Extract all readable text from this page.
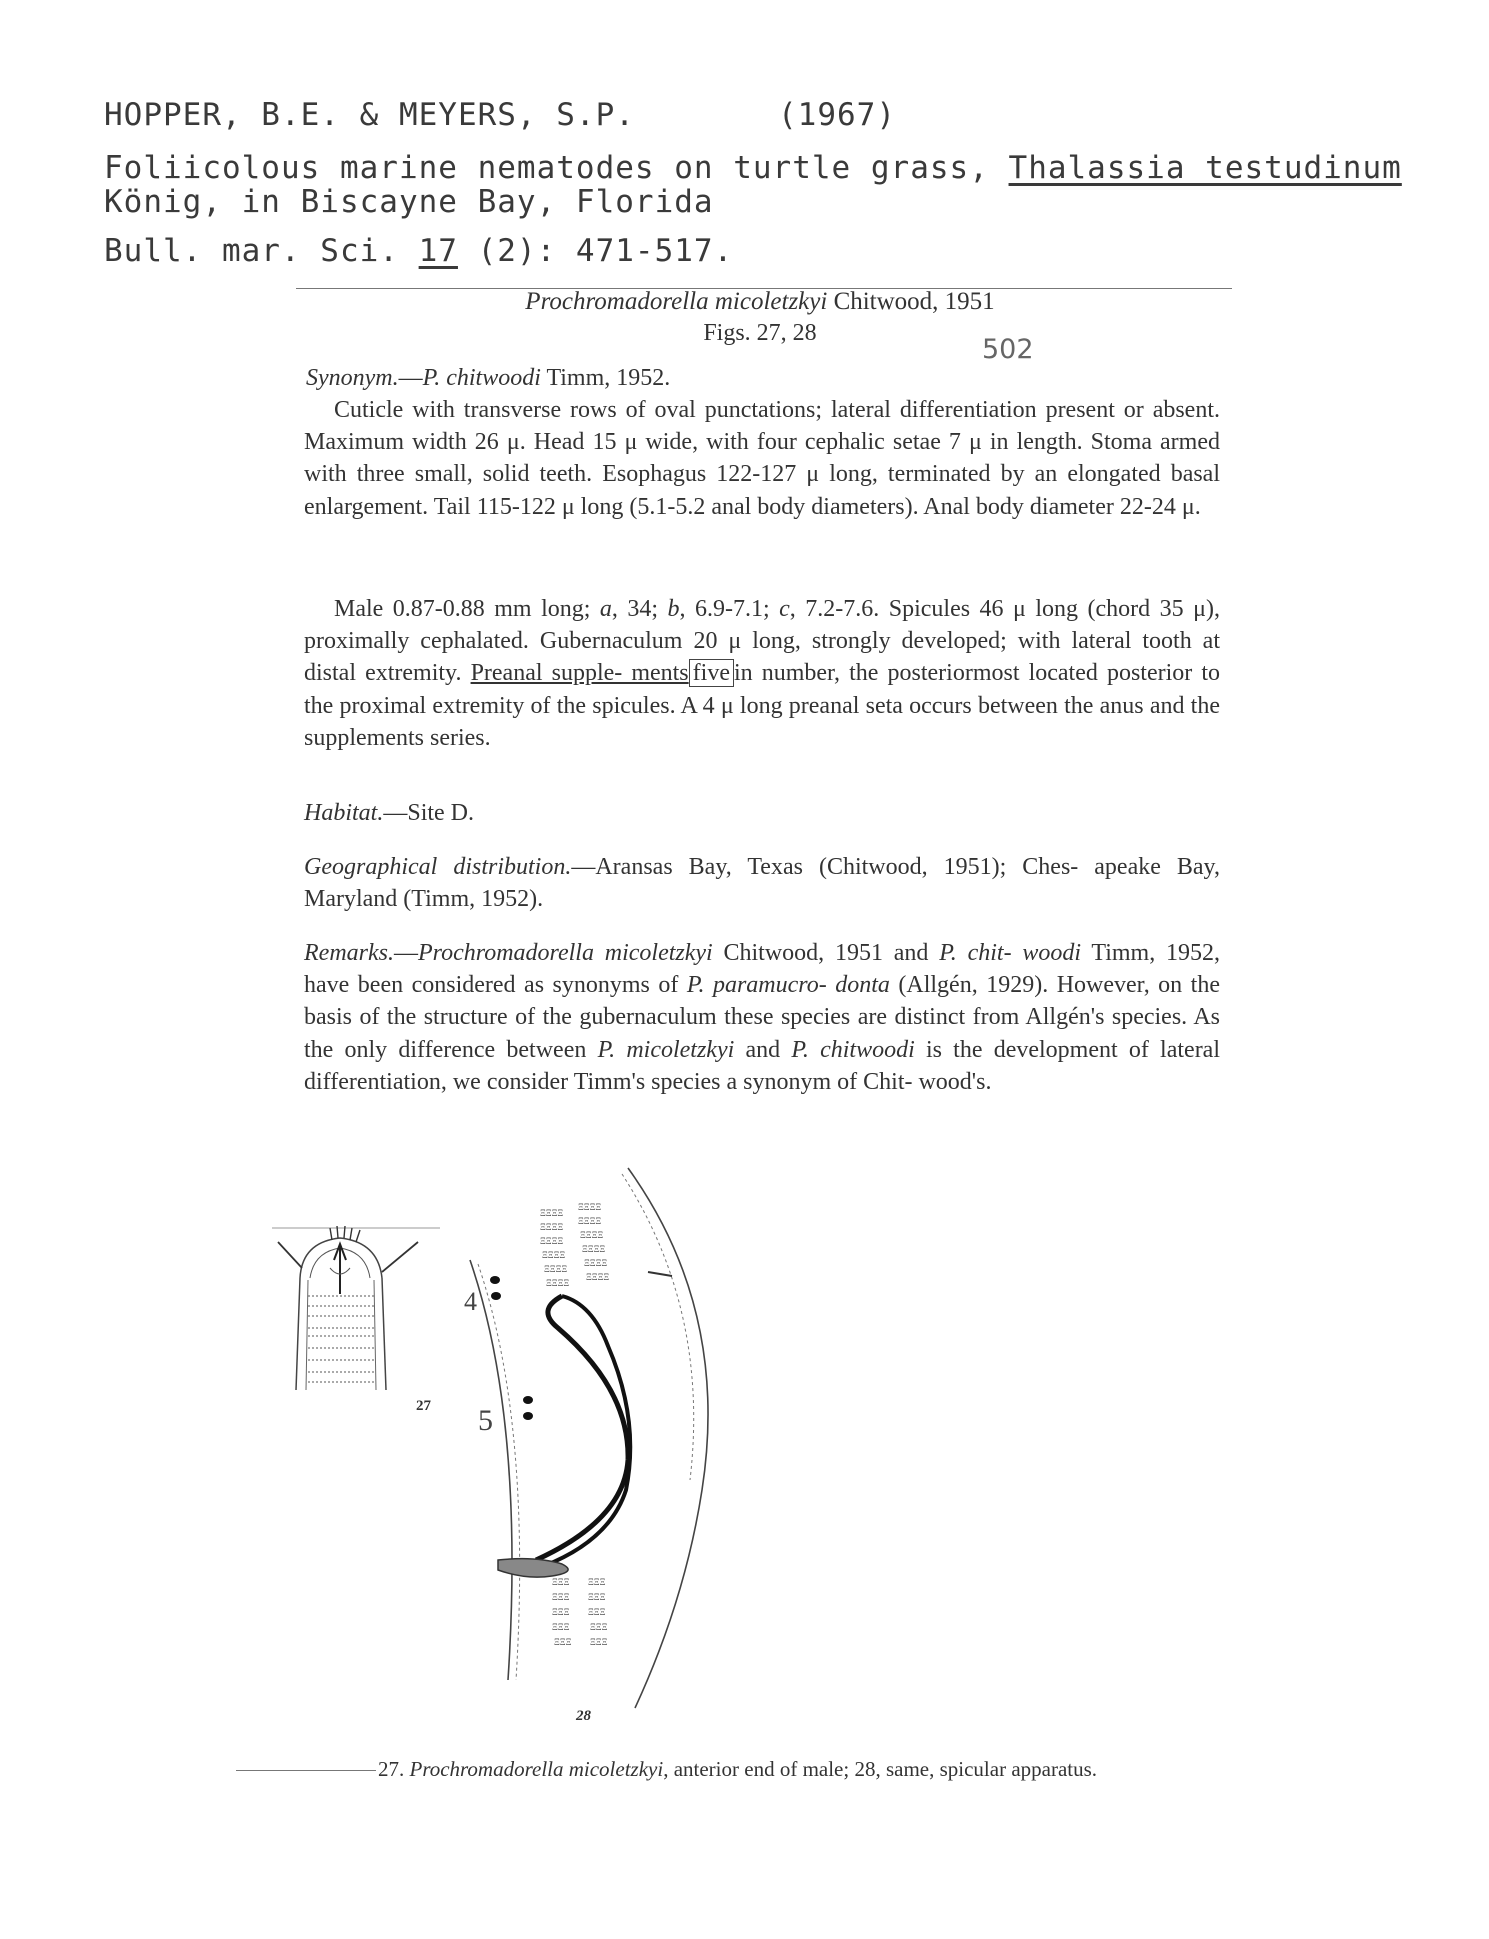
HOPPER, B.E. & MEYERS, S.P.	(1967)
Foliicolous marine nematodes on turtle grass, Thalassia testudinum
König, in Biscayne Bay, Florida
Bull. mar. Sci. 17 (2): 471-517.
Prochromadorella micoletzkyi Chitwood, 1951
Figs. 27, 28
502
Synonym.—P. chitwoodi Timm, 1952.
Cuticle with transverse rows of oval punctations; lateral differentiation present or absent. Maximum width 26 μ. Head 15 μ wide, with four cephalic setae 7 μ in length. Stoma armed with three small, solid teeth. Esophagus 122-127 μ long, terminated by an elongated basal enlargement. Tail 115-122 μ long (5.1-5.2 anal body diameters). Anal body diameter 22-24 μ.
Male 0.87-0.88 mm long; a, 34; b, 6.9-7.1; c, 7.2-7.6. Spicules 46 μ long (chord 35 μ), proximally cephalated. Gubernaculum 20 μ long, strongly developed; with lateral tooth at distal extremity. Preanal supple- ments five in number, the posteriormost located posterior to the proximal extremity of the spicules. A 4 μ long preanal seta occurs between the anus and the supplements series.
Habitat.—Site D.
Geographical distribution.—Aransas Bay, Texas (Chitwood, 1951); Ches- apeake Bay, Maryland (Timm, 1952).
Remarks.—Prochromadorella micoletzkyi Chitwood, 1951 and P. chit- woodi Timm, 1952, have been considered as synonyms of P. paramucro- donta (Allgén, 1929). However, on the basis of the structure of the gubernaculum these species are distinct from Allgén's species. As the only difference between P. micoletzkyi and P. chitwoodi is the development of lateral differentiation, we consider Timm's species a synonym of Chit- wood's.
27
ΞΞΞΞ
ΞΞΞΞ
ΞΞΞΞ
ΞΞΞΞ
ΞΞΞΞ
ΞΞΞΞ
ΞΞΞΞ
ΞΞΞΞ
ΞΞΞΞ
ΞΞΞΞ
ΞΞΞΞ
ΞΞΞΞ
ΞΞΞ ΞΞΞ
ΞΞΞ ΞΞΞ
ΞΞΞ ΞΞΞ
ΞΞΞ ΞΞΞ
ΞΞΞ ΞΞΞ
4
5
28
27. Prochromadorella micoletzkyi, anterior end of male; 28, same, spicular apparatus.
